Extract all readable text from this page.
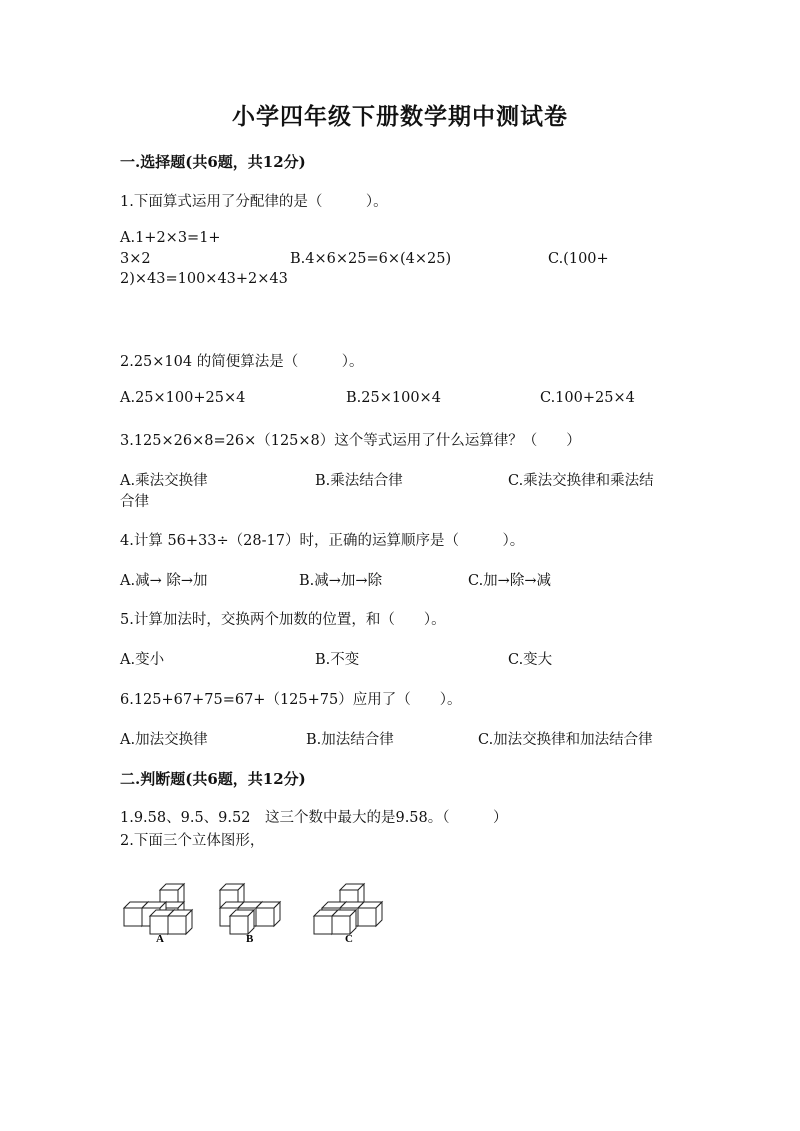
小学四年级下册数学期中测试卷
一.选择题(共6题，共12分)
1.下面算式运用了分配律的是（　　　）。
A.1+2×3=1+
3×2	B.4×6×25=6×(4×25)	C.(100+
2)×43=100×43+2×43
2.25×104 的简便算法是（　　　）。
A.25×100+25×4	B.25×100×4	C.100+25×4
3.125×26×8=26×（125×8）这个等式运用了什么运算律？（　　）
A.乘法交换律	B.乘法结合律	C.乘法交换律和乘法结
合律
4.计算 56+33÷（28-17）时，正确的运算顺序是（　　　）。
A.减→ 除→加	B.减→加→除	C.加→除→减
5.计算加法时，交换两个加数的位置，和（　　）。
A.变小	B.不变	C.变大
6.125+67+75=67+（125+75）应用了（　　）。
A.加法交换律	B.加法结合律	C.加法交换律和加法结合律
二.判断题(共6题，共12分)
1.9.58、9.5、9.52　这三个数中最大的是9.58。（　　　）
2.下面三个立体图形，
A	B	C
